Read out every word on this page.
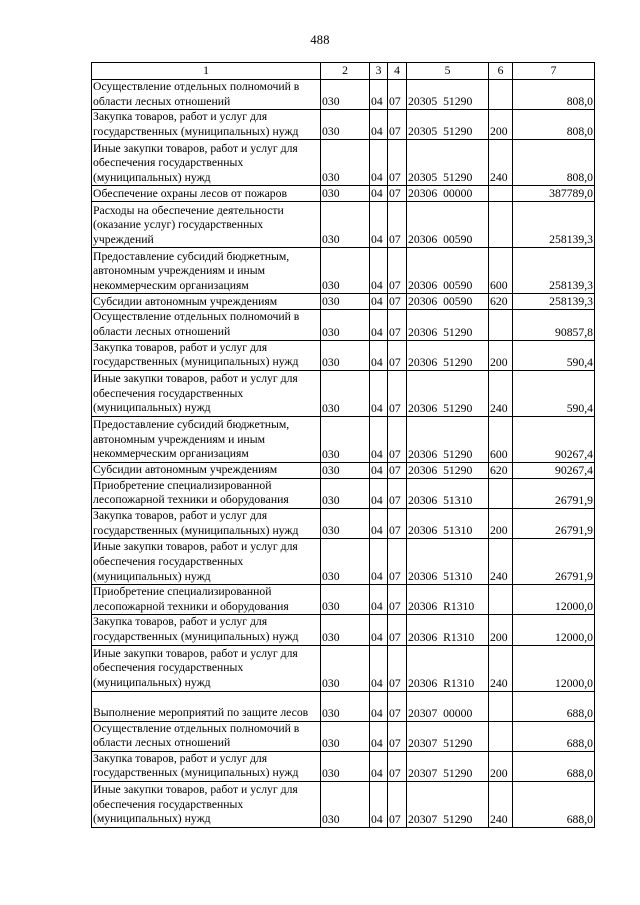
488
1	2	3	4	5	6	7
Осуществление отдельных полномочий в области лесных отношений	030	04	07	20305  51290		808,0
Закупка товаров, работ и услуг для государственных (муниципальных) нужд	030	04	07	20305  51290	200	808,0
Иные закупки товаров, работ и услуг для обеспечения государственных (муниципальных) нужд	030	04	07	20305  51290	240	808,0
Обеспечение охраны лесов от пожаров	030	04	07	20306  00000		387789,0
Расходы на обеспечение деятельности (оказание услуг) государственных учреждений	030	04	07	20306  00590		258139,3
Предоставление субсидий бюджетным, автономным учреждениям и иным некоммерческим организациям	030	04	07	20306  00590	600	258139,3
Субсидии автономным учреждениям	030	04	07	20306  00590	620	258139,3
Осуществление отдельных полномочий в области лесных отношений	030	04	07	20306  51290		90857,8
Закупка товаров, работ и услуг для государственных (муниципальных) нужд	030	04	07	20306  51290	200	590,4
Иные закупки товаров, работ и услуг для обеспечения государственных (муниципальных) нужд	030	04	07	20306  51290	240	590,4
Предоставление субсидий бюджетным, автономным учреждениям и иным некоммерческим организациям	030	04	07	20306  51290	600	90267,4
Субсидии автономным учреждениям	030	04	07	20306  51290	620	90267,4
Приобретение специализированной лесопожарной техники и оборудования	030	04	07	20306  51310		26791,9
Закупка товаров, работ и услуг для государственных (муниципальных) нужд	030	04	07	20306  51310	200	26791,9
Иные закупки товаров, работ и услуг для обеспечения государственных (муниципальных) нужд	030	04	07	20306  51310	240	26791,9
Приобретение специализированной лесопожарной техники и оборудования	030	04	07	20306  R1310		12000,0
Закупка товаров, работ и услуг для государственных (муниципальных) нужд	030	04	07	20306  R1310	200	12000,0
Иные закупки товаров, работ и услуг для обеспечения государственных (муниципальных) нужд	030	04	07	20306  R1310	240	12000,0
Выполнение мероприятий по защите лесов	030	04	07	20307  00000		688,0
Осуществление отдельных полномочий в области лесных отношений	030	04	07	20307  51290		688,0
Закупка товаров, работ и услуг для государственных (муниципальных) нужд	030	04	07	20307  51290	200	688,0
Иные закупки товаров, работ и услуг для обеспечения государственных (муниципальных) нужд	030	04	07	20307  51290	240	688,0
